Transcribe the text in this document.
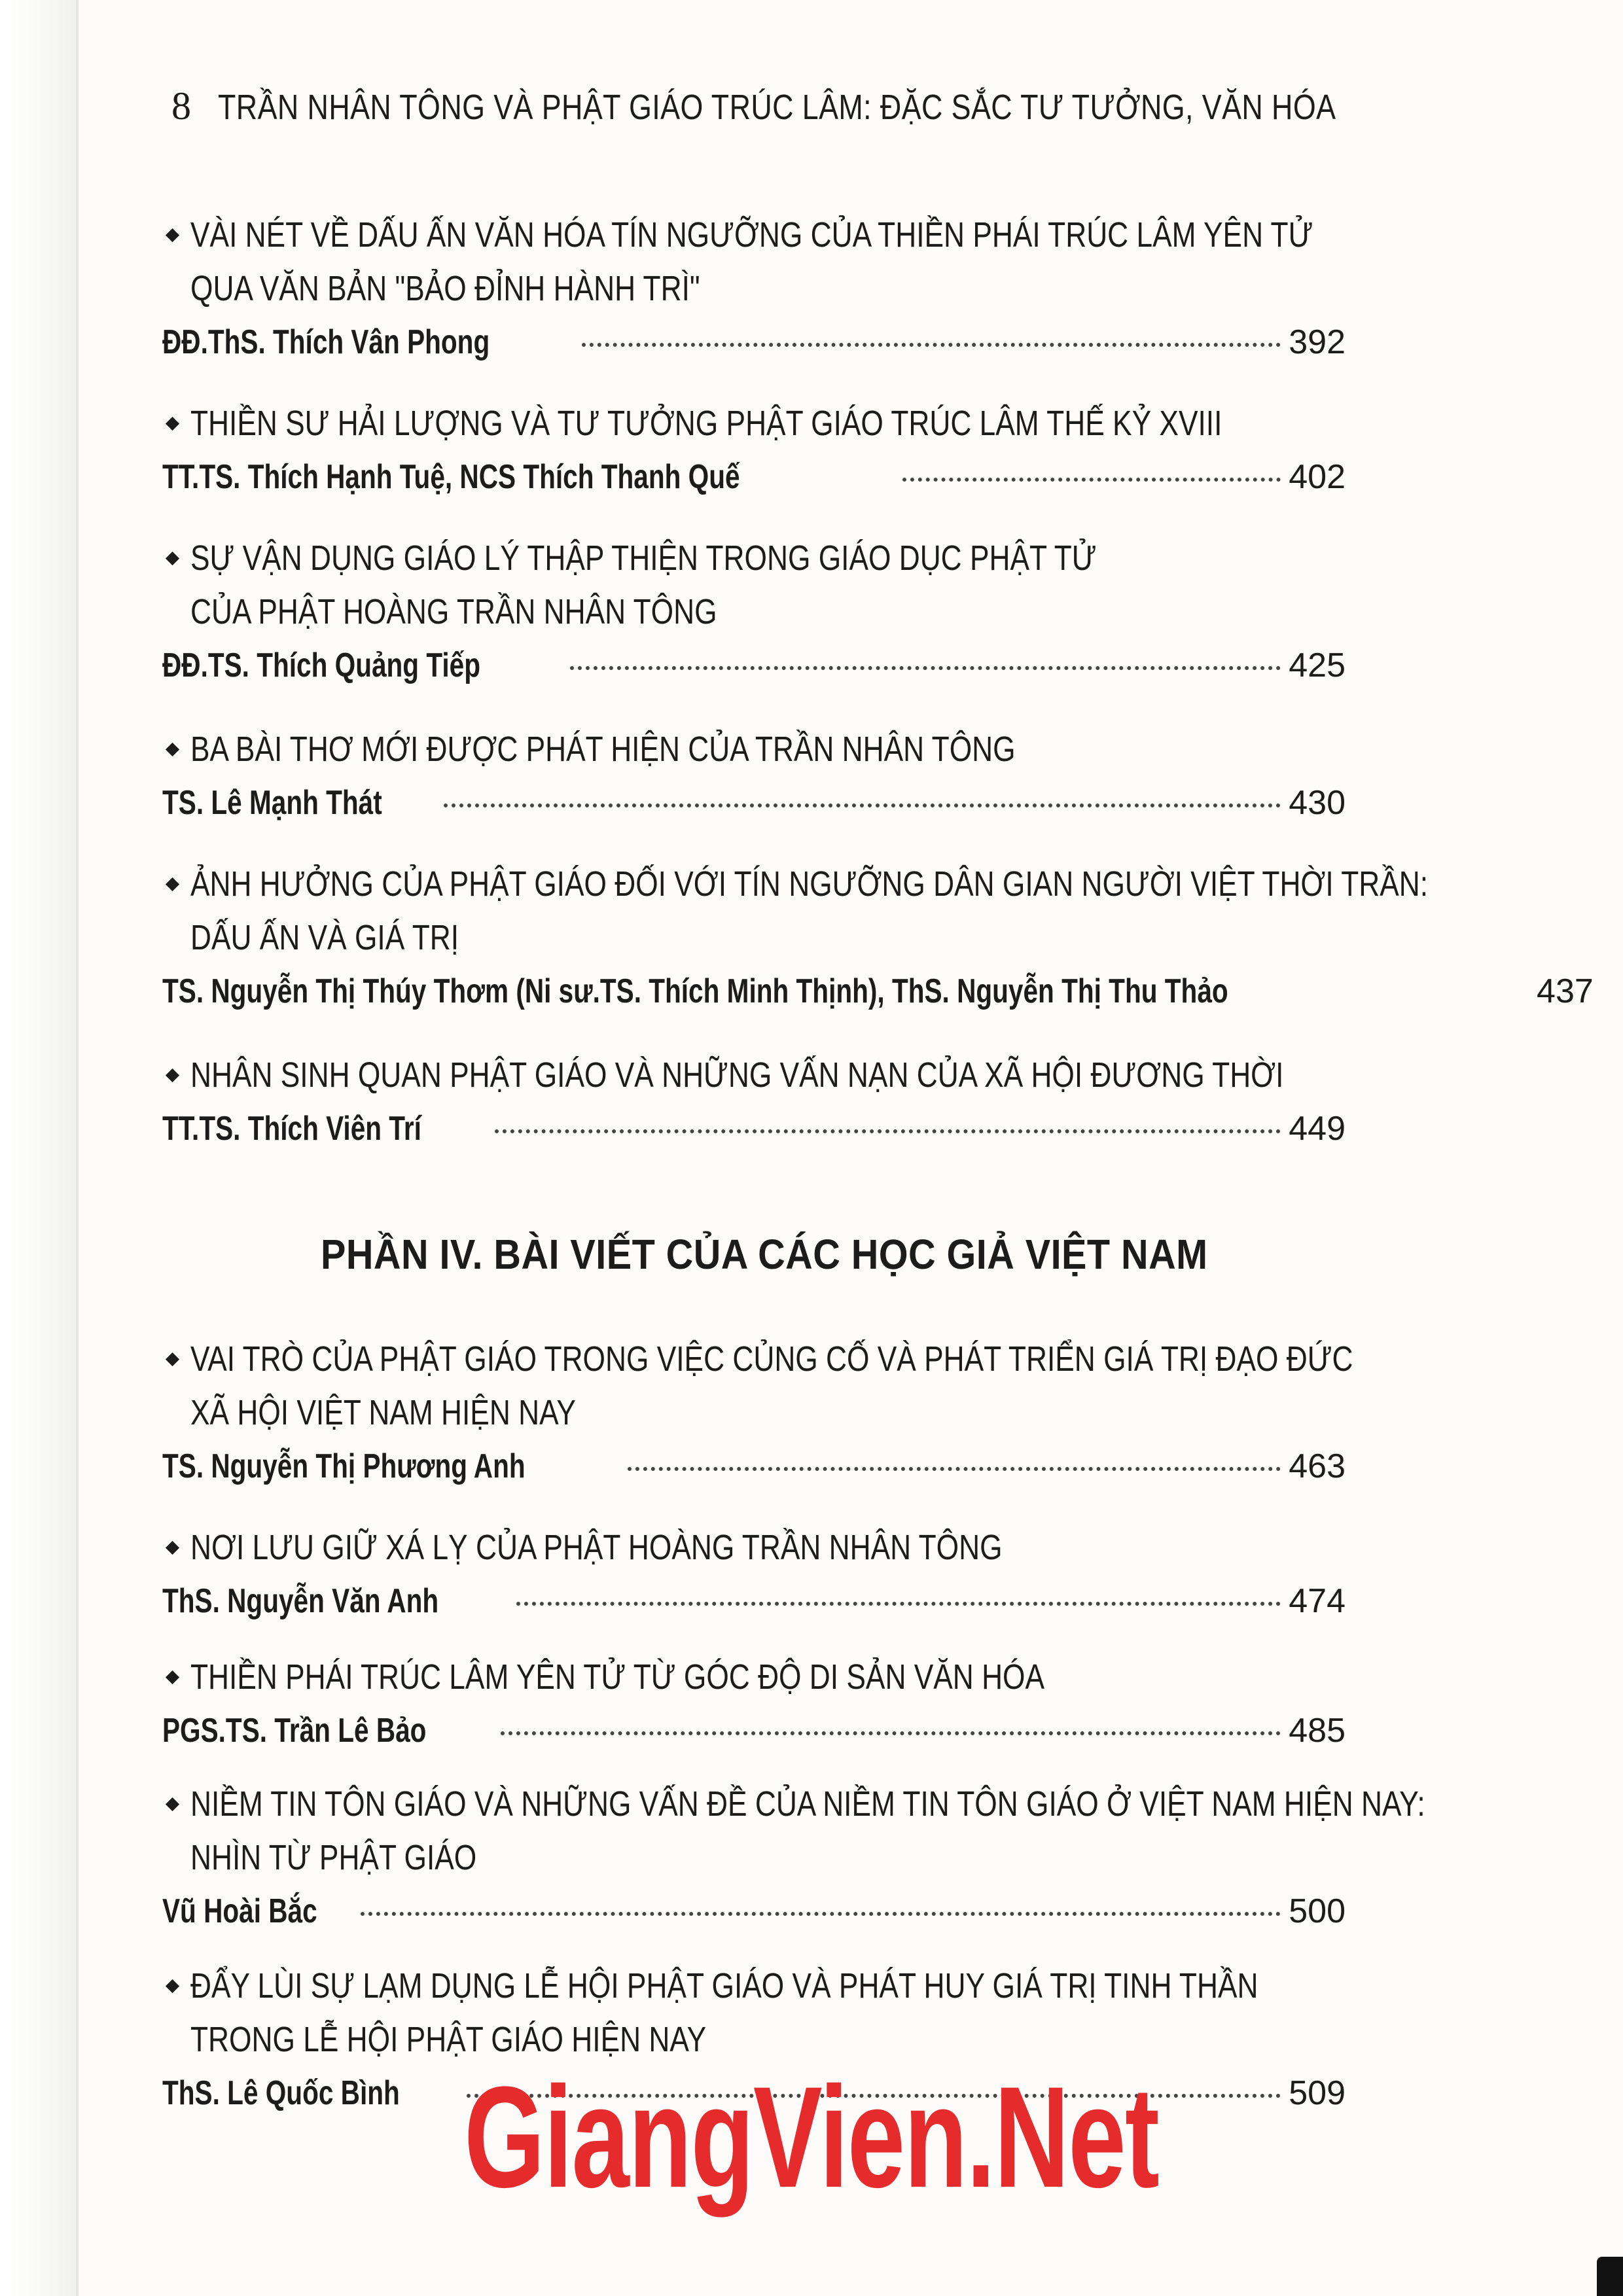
8 TRẦN NHÂN TÔNG VÀ PHẬT GIÁO TRÚC LÂM: ĐẶC SẮC TƯ TƯỞNG, VĂN HÓA
VÀI NÉT VỀ DẤU ẤN VĂN HÓA TÍN NGƯỠNG CỦA THIỀN PHÁI TRÚC LÂM YÊN TỬ
QUA VĂN BẢN "BẢO ĐỈNH HÀNH TRÌ"
ĐĐ.ThS. Thích Vân Phong	392
THIỀN SƯ HẢI LƯỢNG VÀ TƯ TƯỞNG PHẬT GIÁO TRÚC LÂM THẾ KỶ XVIII
TT.TS. Thích Hạnh Tuệ, NCS Thích Thanh Quế	402
SỰ VẬN DỤNG GIÁO LÝ THẬP THIỆN TRONG GIÁO DỤC PHẬT TỬ
CỦA PHẬT HOÀNG TRẦN NHÂN TÔNG
ĐĐ.TS. Thích Quảng Tiếp	425
BA BÀI THƠ MỚI ĐƯỢC PHÁT HIỆN CỦA TRẦN NHÂN TÔNG
TS. Lê Mạnh Thát	430
ẢNH HƯỞNG CỦA PHẬT GIÁO ĐỐI VỚI TÍN NGƯỠNG DÂN GIAN NGƯỜI VIỆT THỜI TRẦN:
DẤU ẤN VÀ GIÁ TRỊ
TS. Nguyễn Thị Thúy Thơm (Ni sư.TS. Thích Minh Thịnh), ThS. Nguyễn Thị Thu Thảo	437
NHÂN SINH QUAN PHẬT GIÁO VÀ NHỮNG VẤN NẠN CỦA XÃ HỘI ĐƯƠNG THỜI
TT.TS. Thích Viên Trí	449
PHẦN IV. BÀI VIẾT CỦA CÁC HỌC GIẢ VIỆT NAM
VAI TRÒ CỦA PHẬT GIÁO TRONG VIỆC CỦNG CỐ VÀ PHÁT TRIỂN GIÁ TRỊ ĐẠO ĐỨC
XÃ HỘI VIỆT NAM HIỆN NAY
TS. Nguyễn Thị Phương Anh	463
NƠI LƯU GIỮ XÁ LỴ CỦA PHẬT HOÀNG TRẦN NHÂN TÔNG
ThS. Nguyễn Văn Anh	474
THIỀN PHÁI TRÚC LÂM YÊN TỬ TỪ GÓC ĐỘ DI SẢN VĂN HÓA
PGS.TS. Trần Lê Bảo	485
NIỀM TIN TÔN GIÁO VÀ NHỮNG VẤN ĐỀ CỦA NIỀM TIN TÔN GIÁO Ở VIỆT NAM HIỆN NAY:
NHÌN TỪ PHẬT GIÁO
Vũ Hoài Bắc	500
ĐẨY LÙI SỰ LẠM DỤNG LỄ HỘI PHẬT GIÁO VÀ PHÁT HUY GIÁ TRỊ TINH THẦN
TRONG LỄ HỘI PHẬT GIÁO HIỆN NAY
ThS. Lê Quốc Bình	509
GiangVien.Net
